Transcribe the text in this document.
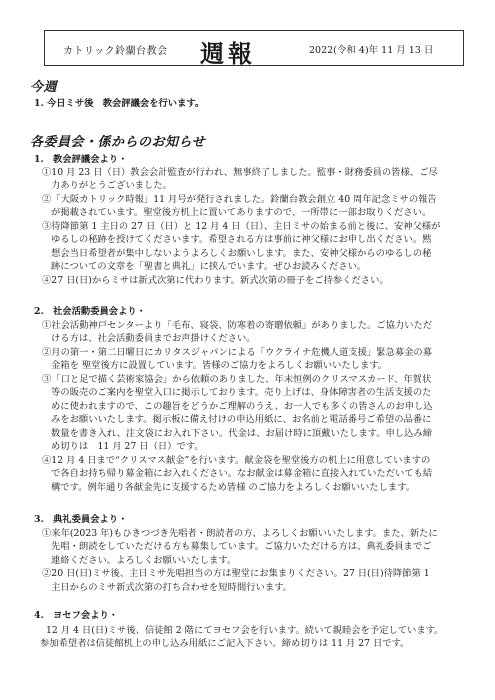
カトリック鈴蘭台教会 週報	2022(令和 4)年 11 月 13 日
今週
1. 今日ミサ後　教会評議会を行います。
各委員会・係からのお知らせ
1.　教会評議会より・
①10 月 23 日（日）教会会計監査が行われ、無事終了しました。監事・財務委員の皆様、ご尽
力ありがとうございました。
②「大阪カトリック時報」11 月号が発行されました。鈴蘭台教会創立 40 周年記念ミサの報告
が掲載されています。聖堂後方机上に置いてありますので、一所帯に一部お取りください。
③待降節第 1 主日の 27 日（日）と 12 月 4 日（日）、主日ミサの始まる前と後に、安神父様が
ゆるしの秘跡を授けてくださいます。希望される方は事前に神父様にお申し出ください。黙
想会当日希望者が集中しないようよろしくお願いします。また、安神父様からのゆるしの秘
跡についての文章を「聖書と典礼」に挟んでいます。ぜひお読みください。
④27 日(日)からミサは新式次第に代わります。新式次第の冊子をご持参ください。
2.　社会活動委員会より・
①社会活動神戸センターより「毛布、寝袋、防寒着の寄贈依頼」がありました。ご協力いただ
ける方は、社会活動委員までお声掛けください。
②月の第一・第二日曜日にカリタスジャパンによる「ウクライナ危機人道支援」緊急募金の募
金箱を 聖堂後方に設置しています。皆様のご協力をよろしくお願いいたします。
③「口と足で描く芸術家協会」から依頼のありました、年末恒例のクリスマスカード、年賀状
等の販売のご案内を聖堂入口に掲示しております。売り上げは、身体障害者の生活支援のた
めに使われますので、この趣旨をどうかご理解のうえ、お一人でも多くの皆さんのお申し込
みをお願いいたします。掲示板に備え付けの申込用紙に、お名前と電話番号ご希望の品番に
数量を書き入れ、注文袋にお入れ下さい。代金は、お届け時に頂戴いたします。申し込み締
め切りは　11 月 27 日（日）です。
④12 月 4 日まで“クリスマス献金”を行います。献金袋を聖堂後方の机上に用意していますの
で各自お持ち帰り募金箱にお入れください。なお献金は募金箱に直接入れていただいても結
構です。例年通り各献金先に支援するため皆様 のご協力をよろしくお願いいたします。
3.　典礼委員会より・
①来年(2023 年)もひきつづき先唱者・朗読者の方、よろしくお願いいたします。また、新たに
先唱・朗読をしていただける方も募集しています。ご協力いただける方は、典礼委員までご
連絡ください。よろしくお願いいたします。
②20 日(日)ミサ後、主日ミサ先唱担当の方は聖堂にお集まりください。27 日(日)待降節第 1
主日からのミサ新式次第の打ち合わせを短時間行います。
4.　ヨセフ会より・
12 月 4 日(日)ミサ後、信徒館 2 階にてヨセフ会を行います。続いて親睦会を予定しています。
参加希望者は信徒館机上の申し込み用紙にご記入下さい。締め切りは 11 月 27 日です。
